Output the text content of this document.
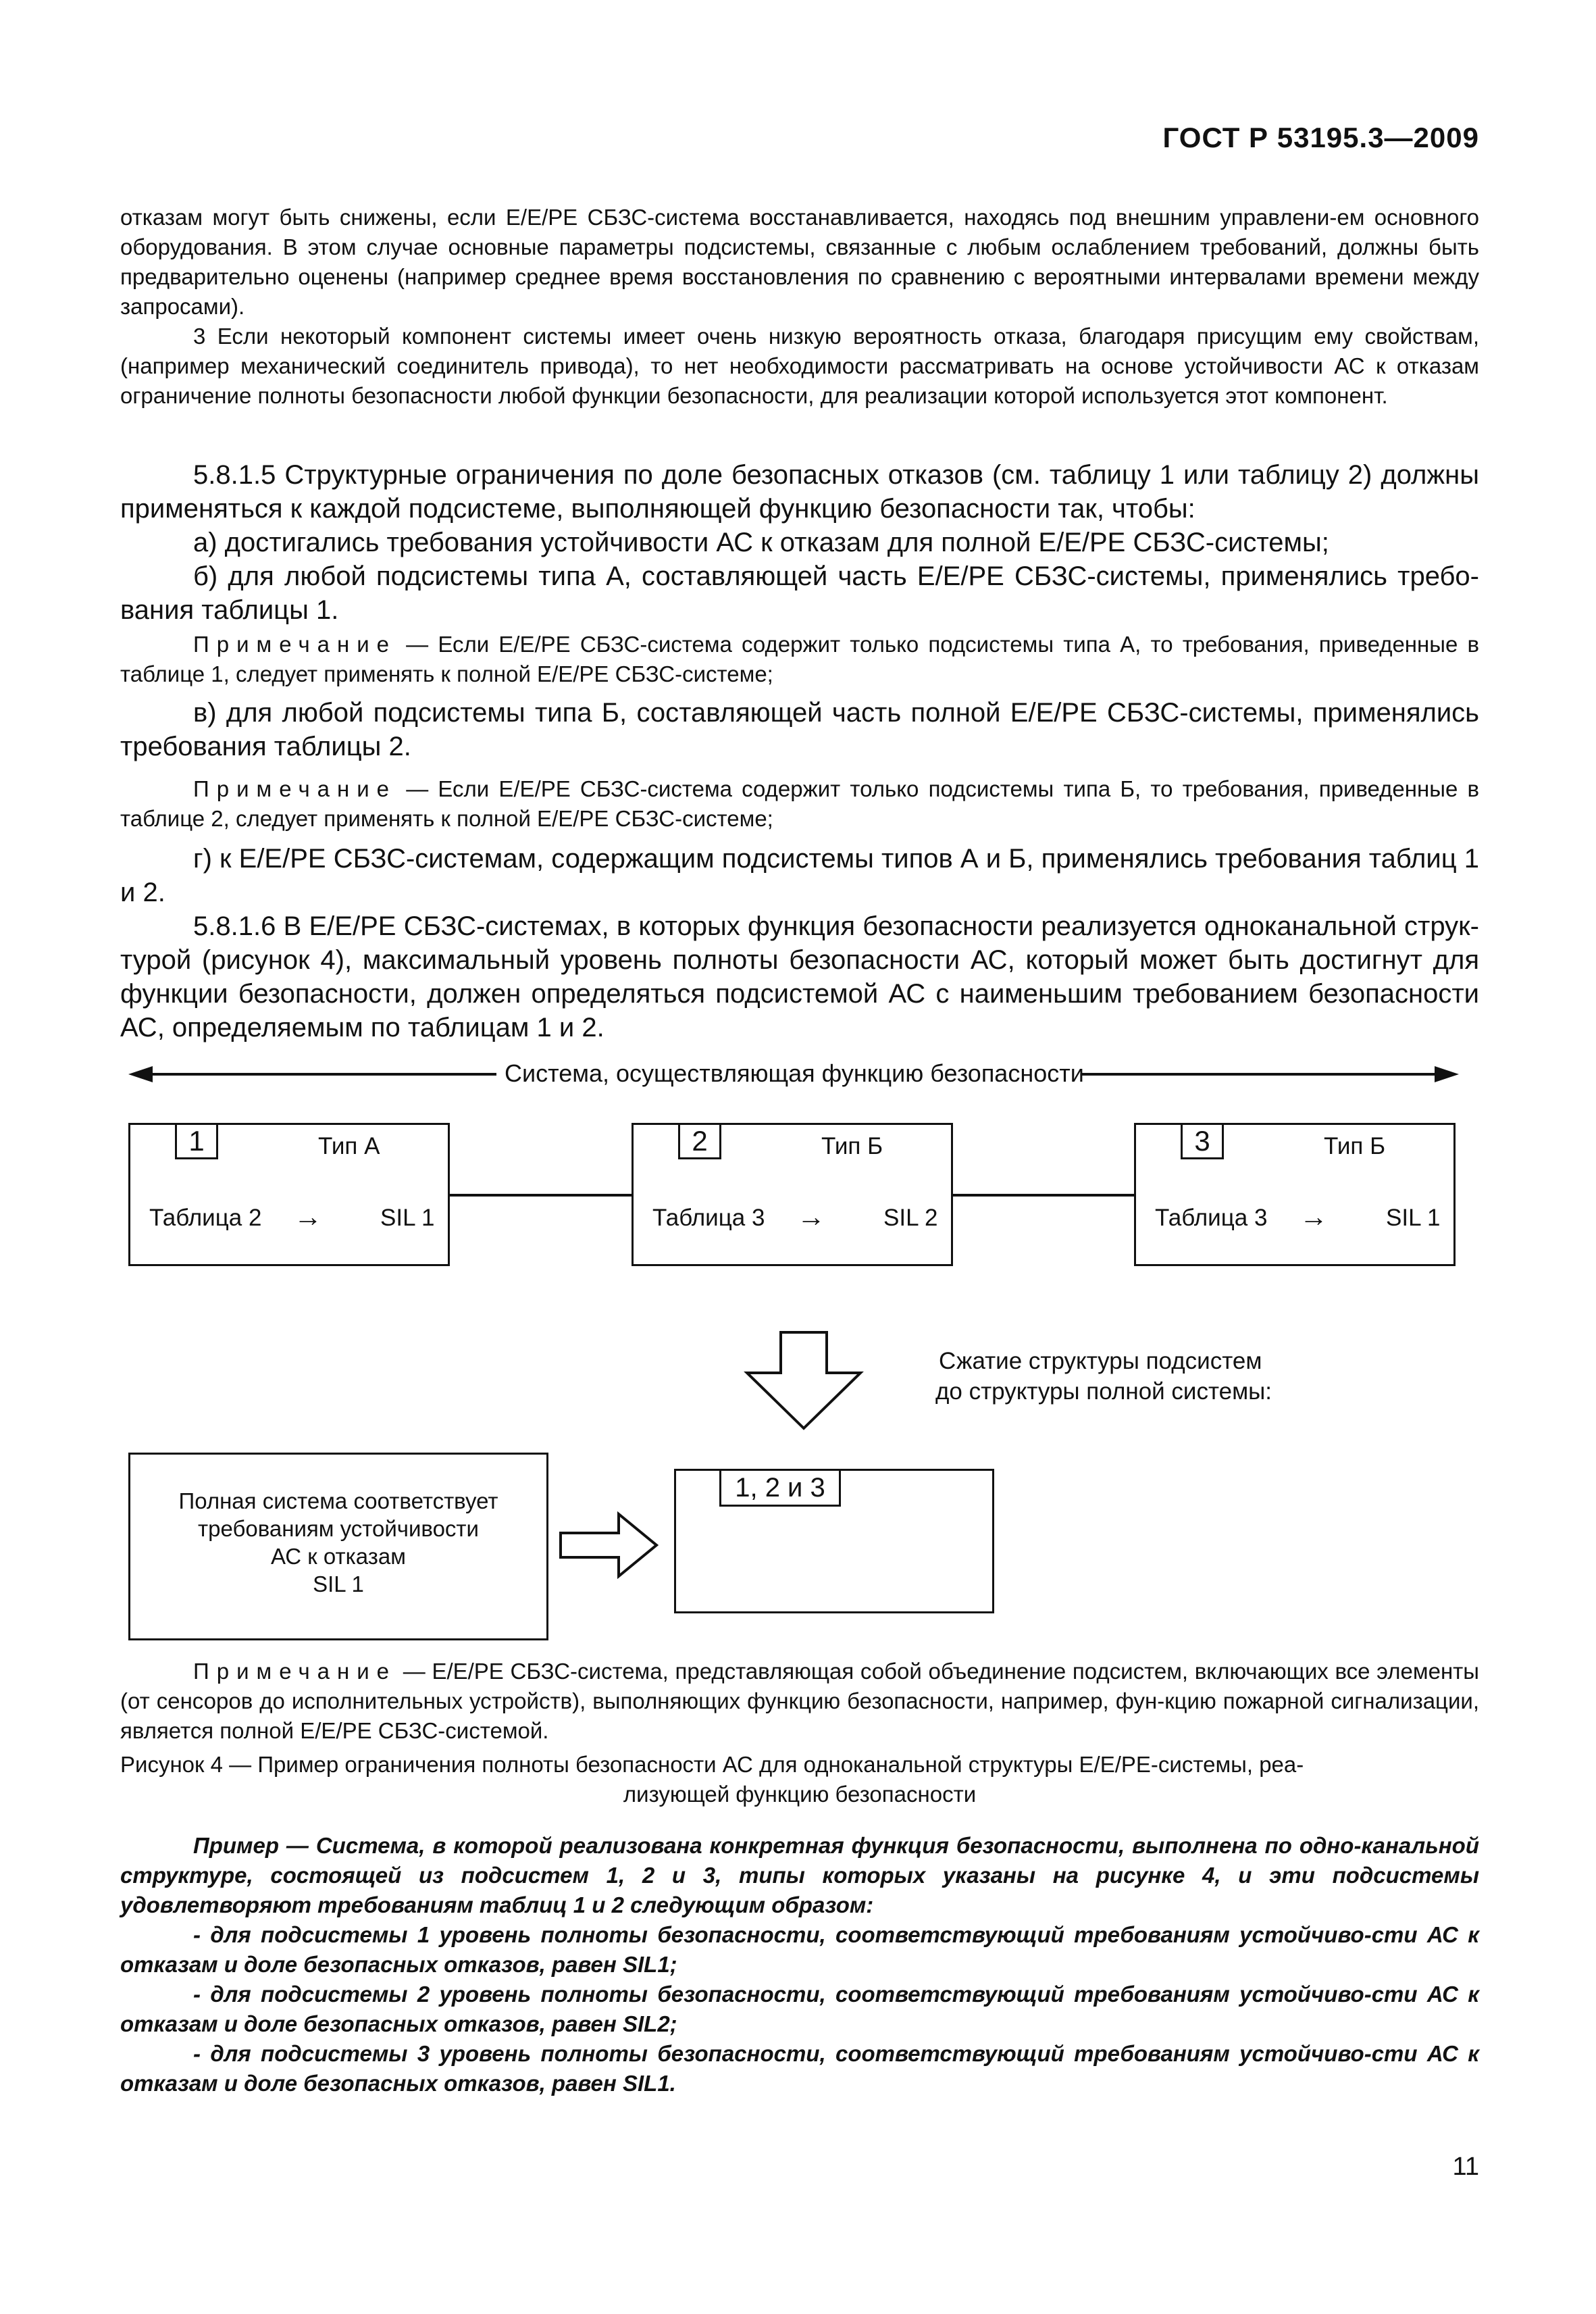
ГОСТ Р 53195.3—2009

отказам могут быть снижены, если E/E/PE СБЗС-система восстанавливается, находясь под внешним управлени-ем основного оборудования. В этом случае основные параметры подсистемы, связанные с любым ослаблением требований, должны быть предварительно оценены (например среднее время восстановления по сравнению с вероятными интервалами времени между запросами).

3 Если некоторый компонент системы имеет очень низкую вероятность отказа, благодаря присущим ему свойствам, (например механический соединитель привода), то нет необходимости рассматривать на основе устойчивости АС к отказам ограничение полноты безопасности любой функции безопасности, для реализации которой используется этот компонент.

5.8.1.5 Структурные ограничения по доле безопасных отказов (см. таблицу 1 или таблицу 2) должны применяться к каждой подсистеме, выполняющей функцию безопасности так, чтобы:

а) достигались требования устойчивости АС к отказам для полной E/E/PE СБЗС-системы;

б) для любой подсистемы типа А, составляющей часть E/E/PE СБЗС-системы, применялись требо-вания таблицы 1.

Примечание — Если E/E/PE СБЗС-система содержит только подсистемы типа А, то требования, приведенные в таблице 1, следует применять к полной E/E/PE СБЗС-системе;

в) для любой подсистемы типа Б, составляющей часть полной E/E/PE СБЗС-системы, применялись требования таблицы 2.

Примечание — Если E/E/PE СБЗС-система содержит только подсистемы типа Б, то требования, приведенные в таблице 2, следует применять к полной E/E/PE СБЗС-системе;

г) к E/E/PE СБЗС-системам, содержащим подсистемы типов А и Б, применялись требования таблиц 1 и 2.

5.8.1.6 В E/E/PE СБЗС-системах, в которых функция безопасности реализуется одноканальной струк-турой (рисунок 4), максимальный уровень полноты безопасности АС, который может быть достигнут для функции безопасности, должен определяться подсистемой АС с наименьшим требованием безопасности АС, определяемым по таблицам 1 и 2.

Система, осуществляющая функцию безопасности
1	Тип А
Таблица 2 → SIL 1
2	Тип Б
Таблица 3 → SIL 2
3	Тип Б
Таблица 3 → SIL 1
Сжатие структуры подсистем
до структуры полной системы:
Полная система соответствует
требованиям устойчивости
АС к отказам
SIL 1
1, 2 и 3

Примечание — E/E/PE СБЗС-система, представляющая собой объединение подсистем, включающих все элементы (от сенсоров до исполнительных устройств), выполняющих функцию безопасности, например, фун-кцию пожарной сигнализации, является полной E/E/PE СБЗС-системой.

Рисунок 4 — Пример ограничения полноты безопасности АС для одноканальной структуры E/E/PE-системы, реа-
лизующей функцию безопасности

Пример — Система, в которой реализована конкретная функция безопасности, выполнена по одно-канальной структуре, состоящей из подсистем 1, 2 и 3, типы которых указаны на рисунке 4, и эти подсистемы удовлетворяют требованиям таблиц 1 и 2 следующим образом:

- для подсистемы 1 уровень полноты безопасности, соответствующий требованиям устойчиво-сти АС к отказам и доле безопасных отказов, равен SIL1;

- для подсистемы 2 уровень полноты безопасности, соответствующий требованиям устойчиво-сти АС к отказам и доле безопасных отказов, равен SIL2;

- для подсистемы 3 уровень полноты безопасности, соответствующий требованиям устойчиво-сти АС к отказам и доле безопасных отказов, равен SIL1.

11
